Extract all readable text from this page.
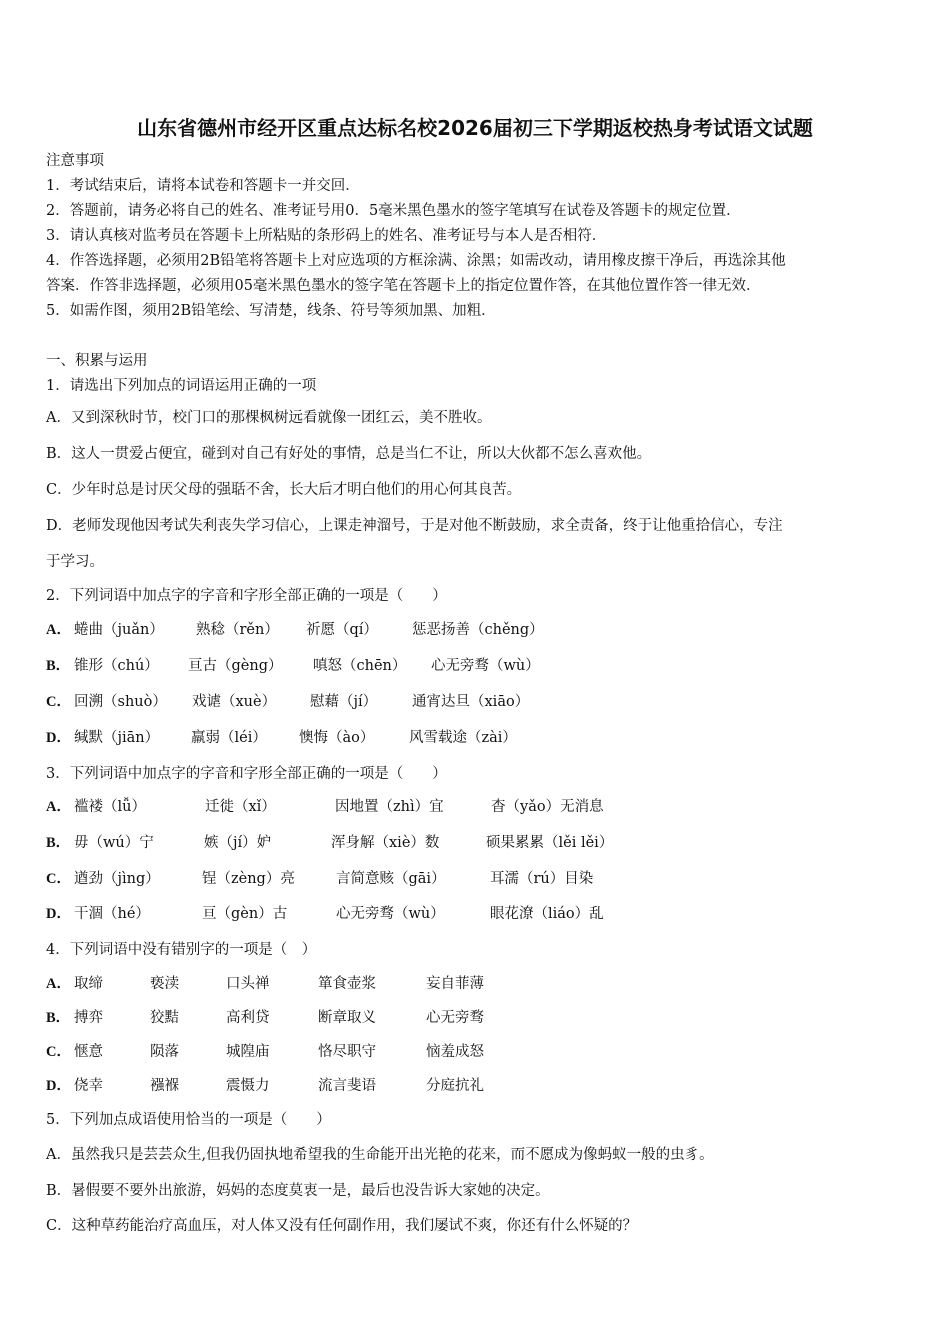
山东省德州市经开区重点达标名校2026届初三下学期返校热身考试语文试题
注意事项
1．考试结束后，请将本试卷和答题卡一并交回．
2．答题前，请务必将自己的姓名、准考证号用0．5毫米黑色墨水的签字笔填写在试卷及答题卡的规定位置．
3．请认真核对监考员在答题卡上所粘贴的条形码上的姓名、准考证号与本人是否相符．
4．作答选择题，必须用2B铅笔将答题卡上对应选项的方框涂满、涂黑；如需改动，请用橡皮擦干净后，再选涂其他
答案．作答非选择题，必须用05毫米黑色墨水的签字笔在答题卡上的指定位置作答，在其他位置作答一律无效．
5．如需作图，须用2B铅笔绘、写清楚，线条、符号等须加黑、加粗．
一、积累与运用
1．请选出下列加点的词语运用正确的一项
A．又到深秋时节，校门口的那棵枫树远看就像一团红云，美不胜收。
B．这人一贯爱占便宜，碰到对自己有好处的事情，总是当仁不让，所以大伙都不怎么喜欢他。
C．少年时总是讨厌父母的强聒不舍，长大后才明白他们的用心何其良苦。
D．老师发现他因考试失利丧失学习信心，上课走神溜号，于是对他不断鼓励，求全责备，终于让他重拾信心，专注
于学习。
2．下列词语中加点字的字音和字形全部正确的一项是（　　）
A． 蜷曲（juǎn）	熟稔（rěn）	祈愿（qí）	惩恶扬善（chěng）
B． 锥形（chú）	亘古（gèng）	嗔怒（chēn）	心无旁骛（wù）
C． 回溯（shuò）	戏谑（xuè）	慰藉（jí）	通宵达旦（xiāo）
D． 缄默（jiān）	羸弱（léi）	懊悔（ào）	风雪载途（zài）
3．下列词语中加点字的字音和字形全部正确的一项是（　　）
A． 褴褛（lǚ）	迁徙（xǐ）	因地置（zhì）宜	杳（yǎo）无消息
B． 毋（wú）宁	嫉（jí）妒	浑身解（xiè）数	硕果累累（lěi lěi）
C． 遒劲（jìng）	锃（zèng）亮	言简意赅（gāi）	耳濡（rú）目染
D． 干涸（hé）	亘（gèn）古	心无旁骛（wù）	眼花潦（liáo）乱
4．下列词语中没有错别字的一项是（　）
A． 取缔	亵渎	口头禅	箪食壶浆	妄自菲薄
B． 搏弈	狡黠	高利贷	断章取义	心无旁骛
C． 惬意	陨落	城隍庙	恪尽职守	恼羞成怒
D． 侥幸	襁褓	震慑力	流言斐语	分庭抗礼
5．下列加点成语使用恰当的一项是（　　）
A．虽然我只是芸芸众生,但我仍固执地希望我的生命能开出光艳的花来，而不愿成为像蚂蚁一般的虫豸。
B．暑假要不要外出旅游，妈妈的态度莫衷一是，最后也没告诉大家她的决定。
C．这种草药能治疗高血压，对人体又没有任何副作用，我们屡试不爽，你还有什么怀疑的？
